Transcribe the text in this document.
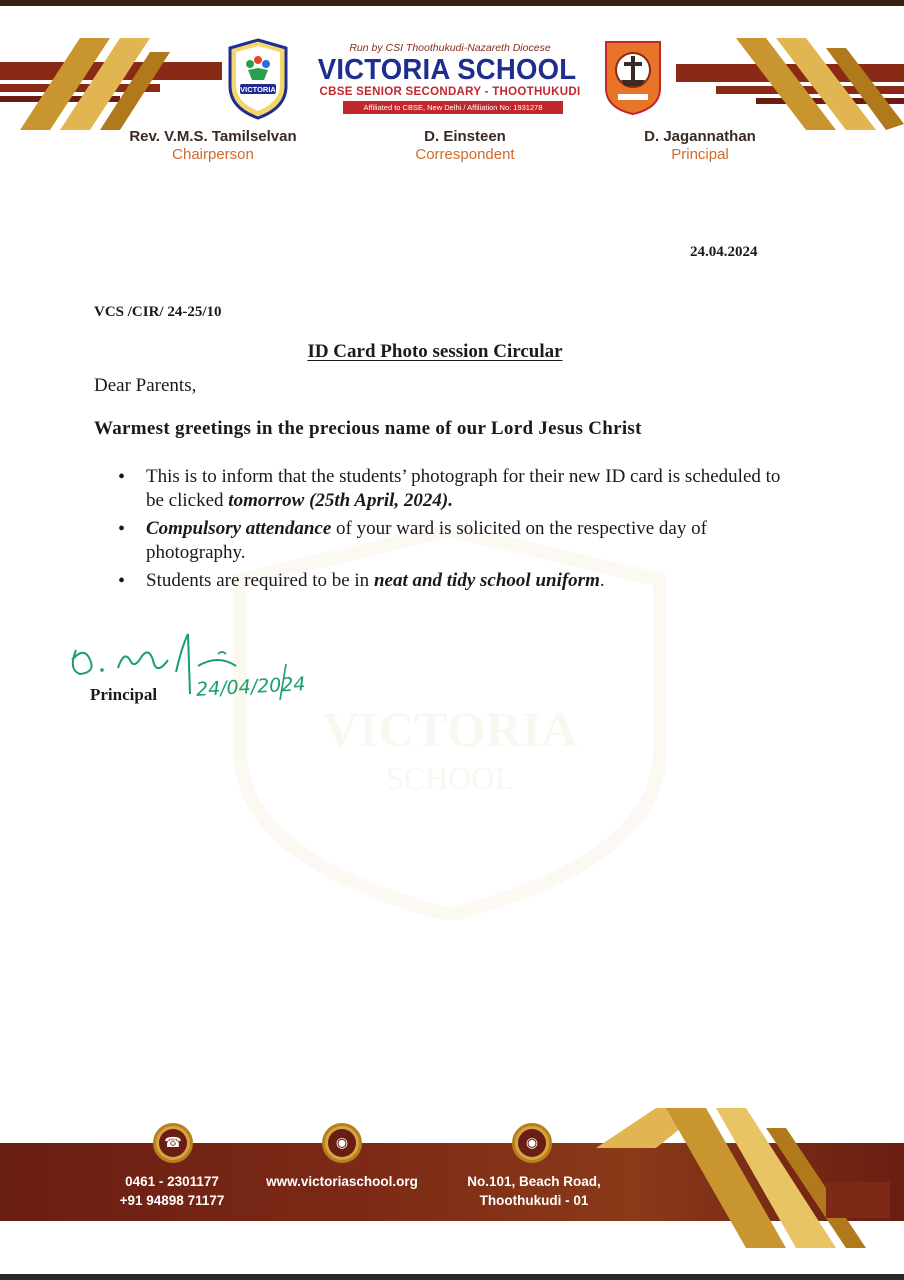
VICTORIA
Run by CSI Thoothukudi-Nazareth Diocese
VICTORIA SCHOOL
CBSE SENIOR SECONDARY - THOOTHUKUDI
Affiliated to CBSE, New Delhi / Affiliation No: 1931278
Rev. V.M.S. Tamilselvan
Chairperson
D. Einsteen
Correspondent
D. Jagannathan
Principal
VICTORIA
SCHOOL
24.04.2024
VCS /CIR/ 24-25/10
ID Card Photo session Circular
Dear Parents,
Warmest greetings in the precious name of our Lord Jesus Christ
• This is to inform that the students’ photograph for their new ID card is scheduled to be clicked tomorrow (25th April, 2024).
• Compulsory attendance of your ward is solicited on the respective day of photography.
• Students are required to be in neat and tidy school uniform.
Principal 24/04/2024
☎	◉	◉
0461 - 2301177
+91 94898 71177
www.victoriaschool.org	No.101, Beach Road,
Thoothukudi - 01
